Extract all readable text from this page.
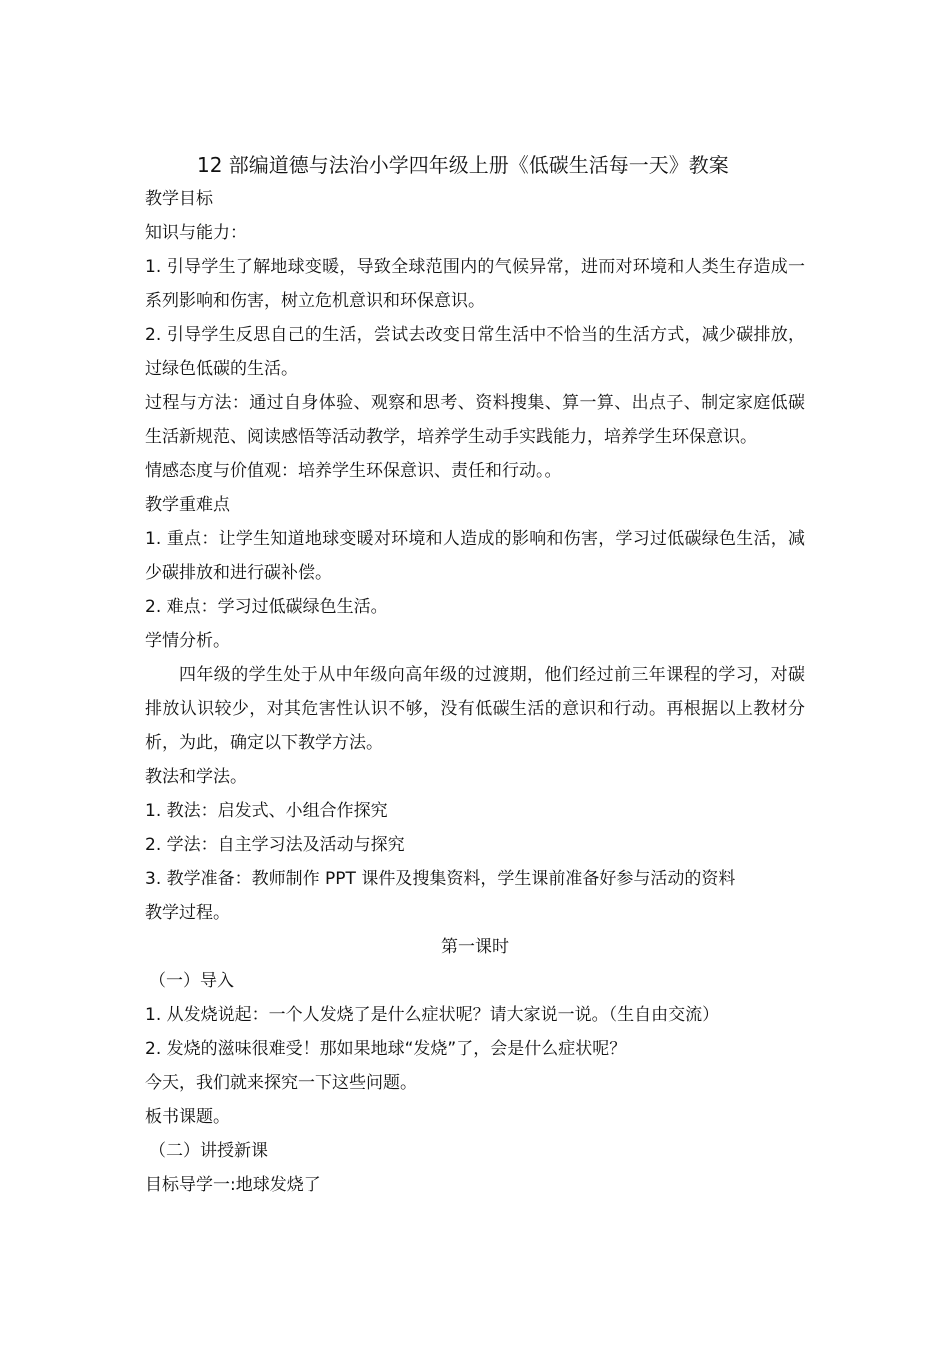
12 部编道德与法治小学四年级上册《低碳生活每一天》教案
教学目标
知识与能力：
1. 引导学生了解地球变暖，导致全球范围内的气候异常，进而对环境和人类生存造成一系列影响和伤害，树立危机意识和环保意识。
2. 引导学生反思自己的生活，尝试去改变日常生活中不恰当的生活方式，减少碳排放，过绿色低碳的生活。
过程与方法：通过自身体验、观察和思考、资料搜集、算一算、出点子、制定家庭低碳生活新规范、阅读感悟等活动教学，培养学生动手实践能力，培养学生环保意识。
情感态度与价值观：培养学生环保意识、责任和行动。。
教学重难点
1. 重点：让学生知道地球变暖对环境和人造成的影响和伤害，学习过低碳绿色生活，减少碳排放和进行碳补偿。
2. 难点：学习过低碳绿色生活。
学情分析。
四年级的学生处于从中年级向高年级的过渡期，他们经过前三年课程的学习，对碳排放认识较少，对其危害性认识不够，没有低碳生活的意识和行动。再根据以上教材分析，为此，确定以下教学方法。
教法和学法。
1. 教法：启发式、小组合作探究
2. 学法：自主学习法及活动与探究
3. 教学准备：教师制作 PPT 课件及搜集资料，学生课前准备好参与活动的资料
教学过程。
第一课时
（一）导入
1. 从发烧说起：一个人发烧了是什么症状呢？请大家说一说。（生自由交流）
2. 发烧的滋味很难受！那如果地球“发烧”了，会是什么症状呢？
今天，我们就来探究一下这些问题。
板书课题。
（二）讲授新课
目标导学一:地球发烧了
